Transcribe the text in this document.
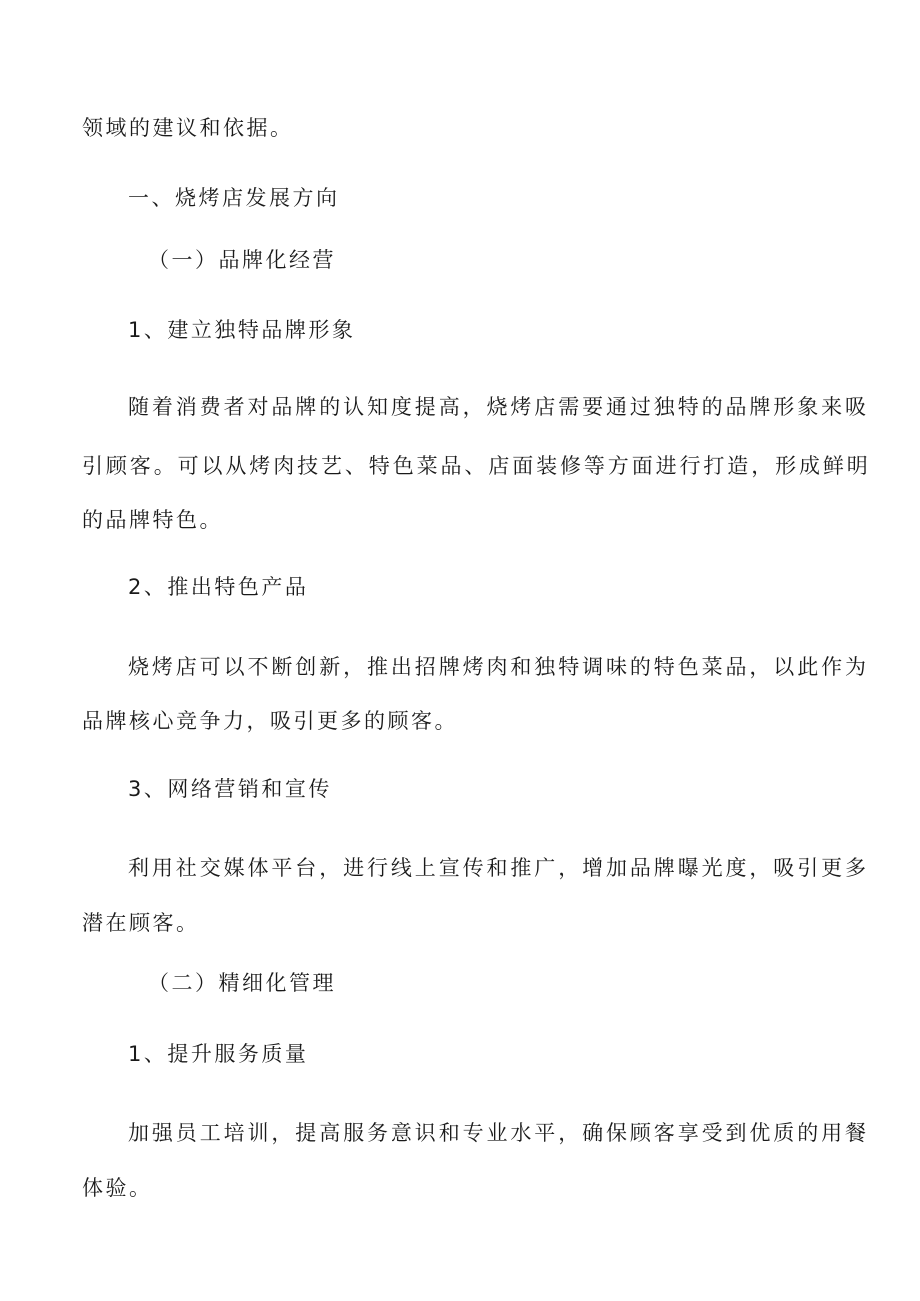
领域的建议和依据。
一、烧烤店发展方向
（一）品牌化经营
1、建立独特品牌形象
随着消费者对品牌的认知度提高，烧烤店需要通过独特的品牌形象来吸
引顾客。可以从烤肉技艺、特色菜品、店面装修等方面进行打造，形成鲜明
的品牌特色。
2、推出特色产品
烧烤店可以不断创新，推出招牌烤肉和独特调味的特色菜品，以此作为
品牌核心竞争力，吸引更多的顾客。
3、网络营销和宣传
利用社交媒体平台，进行线上宣传和推广，增加品牌曝光度，吸引更多
潜在顾客。
（二）精细化管理
1、提升服务质量
加强员工培训，提高服务意识和专业水平，确保顾客享受到优质的用餐
体验。
